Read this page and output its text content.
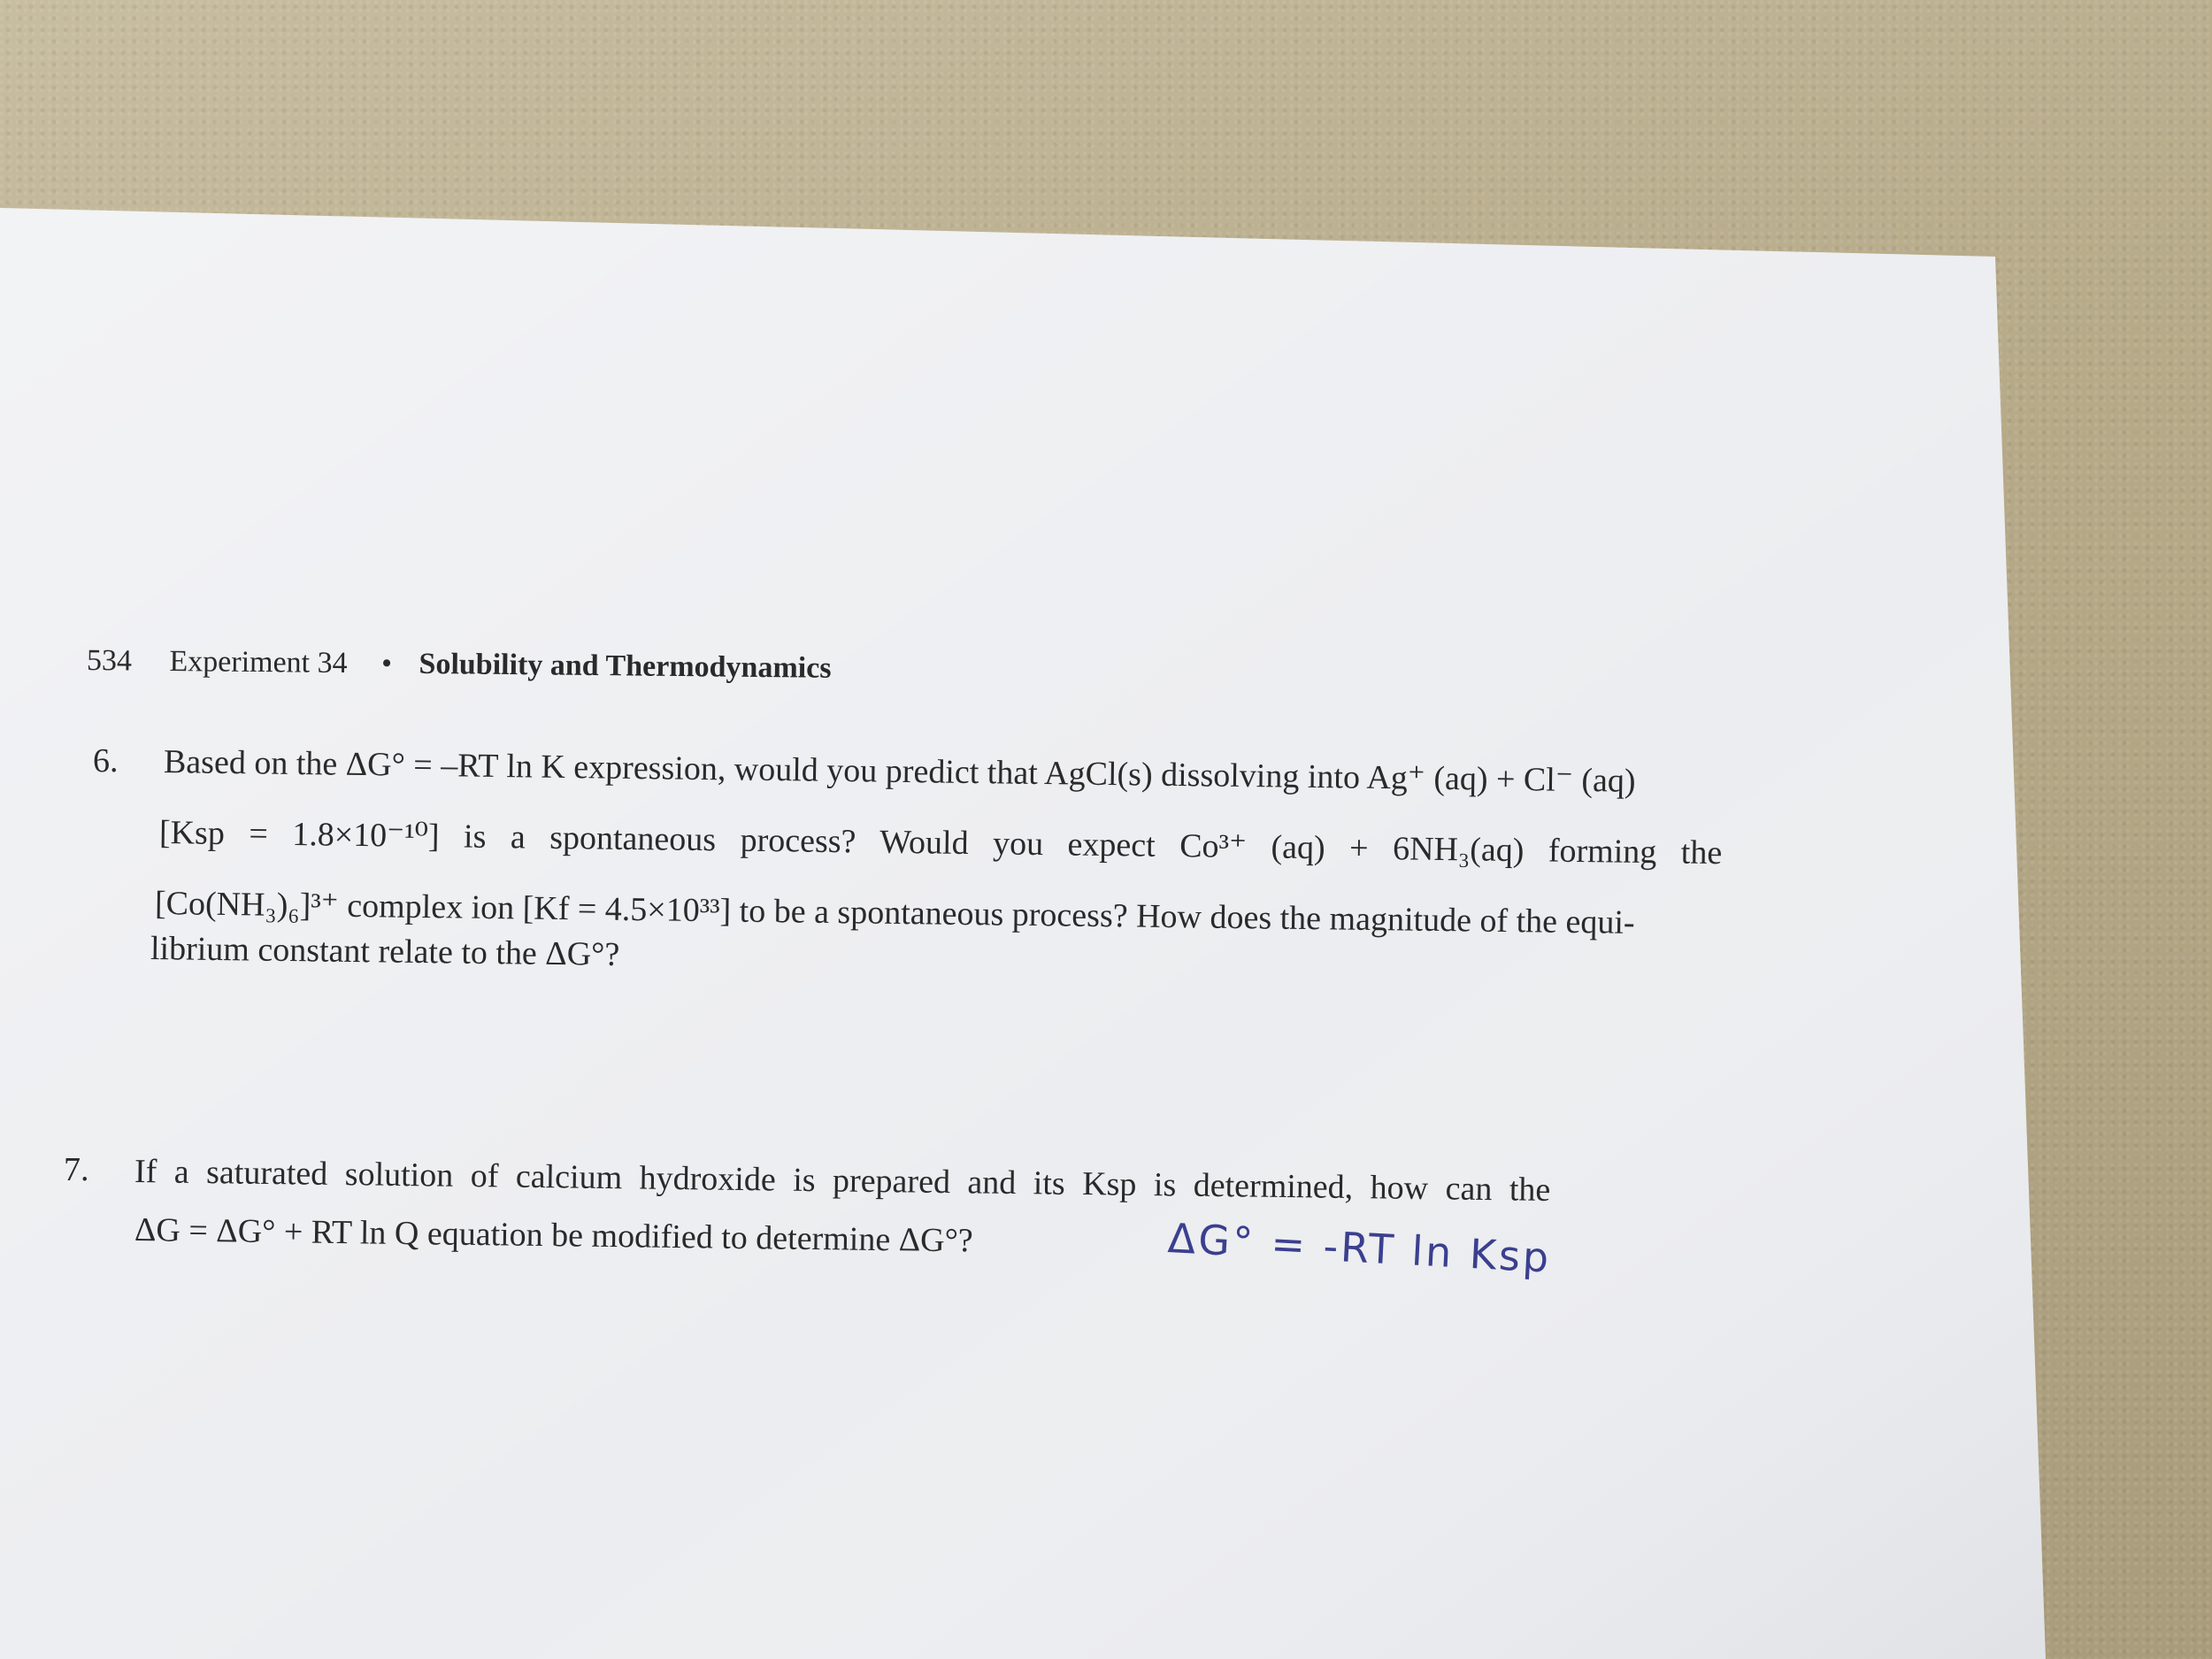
534 Experiment 34 • Solubility and Thermodynamics
6. Based on the ΔG° = –RT ln K expression, would you predict that AgCl(s) dissolving into Ag⁺ (aq) + Cl⁻ (aq)
[Ksp = 1.8×10⁻¹⁰] is a spontaneous process? Would you expect Co³⁺ (aq) + 6NH₃(aq) forming the
[Co(NH₃)₆]³⁺ complex ion [Kf = 4.5×10³³] to be a spontaneous process? How does the magnitude of the equi-
librium constant relate to the ΔG°?
7. If a saturated solution of calcium hydroxide is prepared and its Ksp is determined, how can the
ΔG = ΔG° + RT ln Q equation be modified to determine ΔG°?	ΔG° = -RT ln Ksp
